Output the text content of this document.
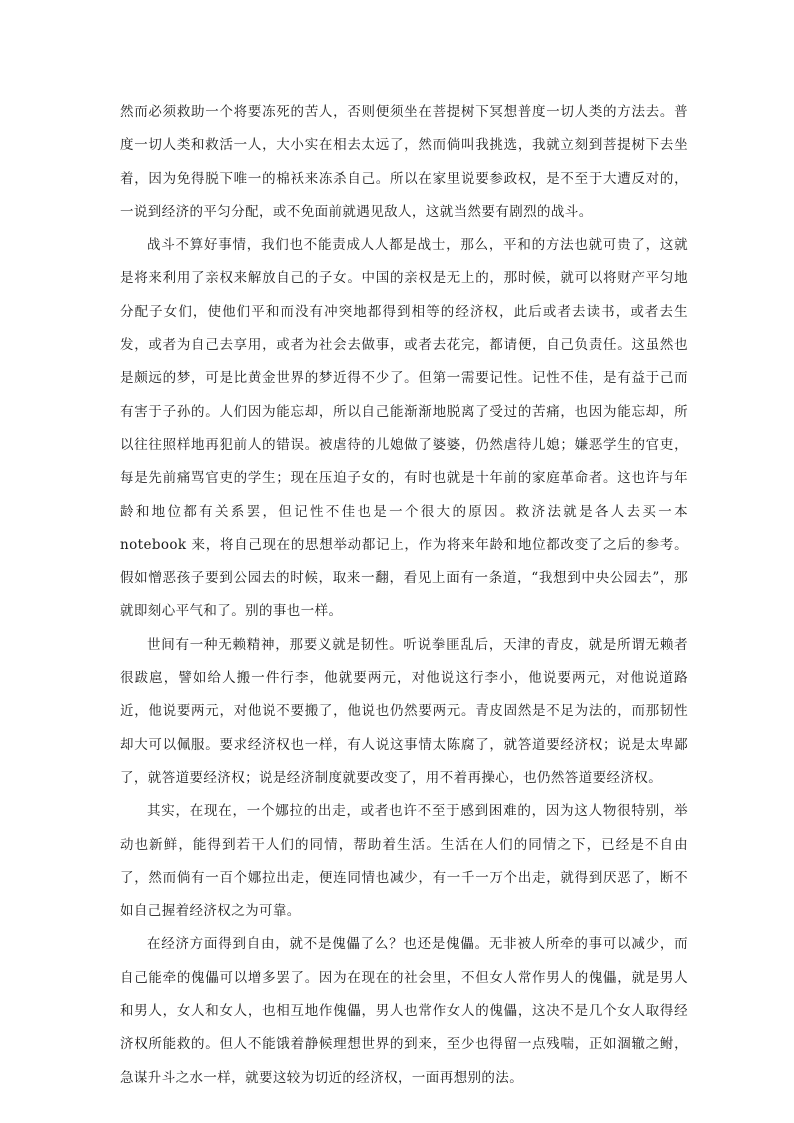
然而必须救助一个将要冻死的苦人，否则便须坐在菩提树下冥想普度一切人类的方法去。普度一切人类和救活一人，大小实在相去太远了，然而倘叫我挑选，我就立刻到菩提树下去坐着，因为免得脱下唯一的棉袄来冻杀自己。所以在家里说要参政权，是不至于大遭反对的，一说到经济的平匀分配，或不免面前就遇见敌人，这就当然要有剧烈的战斗。

战斗不算好事情，我们也不能责成人人都是战士，那么，平和的方法也就可贵了，这就是将来利用了亲权来解放自己的子女。中国的亲权是无上的，那时候，就可以将财产平匀地分配子女们，使他们平和而没有冲突地都得到相等的经济权，此后或者去读书，或者去生发，或者为自己去享用，或者为社会去做事，或者去花完，都请便，自己负责任。这虽然也是颇远的梦，可是比黄金世界的梦近得不少了。但第一需要记性。记性不佳，是有益于己而有害于子孙的。人们因为能忘却，所以自己能渐渐地脱离了受过的苦痛，也因为能忘却，所以往往照样地再犯前人的错误。被虐待的儿媳做了婆婆，仍然虐待儿媳；嫌恶学生的官吏，每是先前痛骂官吏的学生；现在压迫子女的，有时也就是十年前的家庭革命者。这也许与年龄和地位都有关系罢，但记性不佳也是一个很大的原因。救济法就是各人去买一本 notebook 来，将自己现在的思想举动都记上，作为将来年龄和地位都改变了之后的参考。假如憎恶孩子要到公园去的时候，取来一翻，看见上面有一条道，“我想到中央公园去”，那就即刻心平气和了。别的事也一样。

世间有一种无赖精神，那要义就是韧性。听说拳匪乱后，天津的青皮，就是所谓无赖者很跋扈，譬如给人搬一件行李，他就要两元，对他说这行李小，他说要两元，对他说道路近，他说要两元，对他说不要搬了，他说也仍然要两元。青皮固然是不足为法的，而那韧性却大可以佩服。要求经济权也一样，有人说这事情太陈腐了，就答道要经济权；说是太卑鄙了，就答道要经济权；说是经济制度就要改变了，用不着再操心，也仍然答道要经济权。

其实，在现在，一个娜拉的出走，或者也许不至于感到困难的，因为这人物很特别，举动也新鲜，能得到若干人们的同情，帮助着生活。生活在人们的同情之下，已经是不自由了，然而倘有一百个娜拉出走，便连同情也减少，有一千一万个出走，就得到厌恶了，断不如自己握着经济权之为可靠。

在经济方面得到自由，就不是傀儡了么？也还是傀儡。无非被人所牵的事可以减少，而自己能牵的傀儡可以增多罢了。因为在现在的社会里，不但女人常作男人的傀儡，就是男人和男人，女人和女人，也相互地作傀儡，男人也常作女人的傀儡，这决不是几个女人取得经济权所能救的。但人不能饿着静候理想世界的到来，至少也得留一点残喘，正如涸辙之鲋，急谋升斗之水一样，就要这较为切近的经济权，一面再想别的法。
